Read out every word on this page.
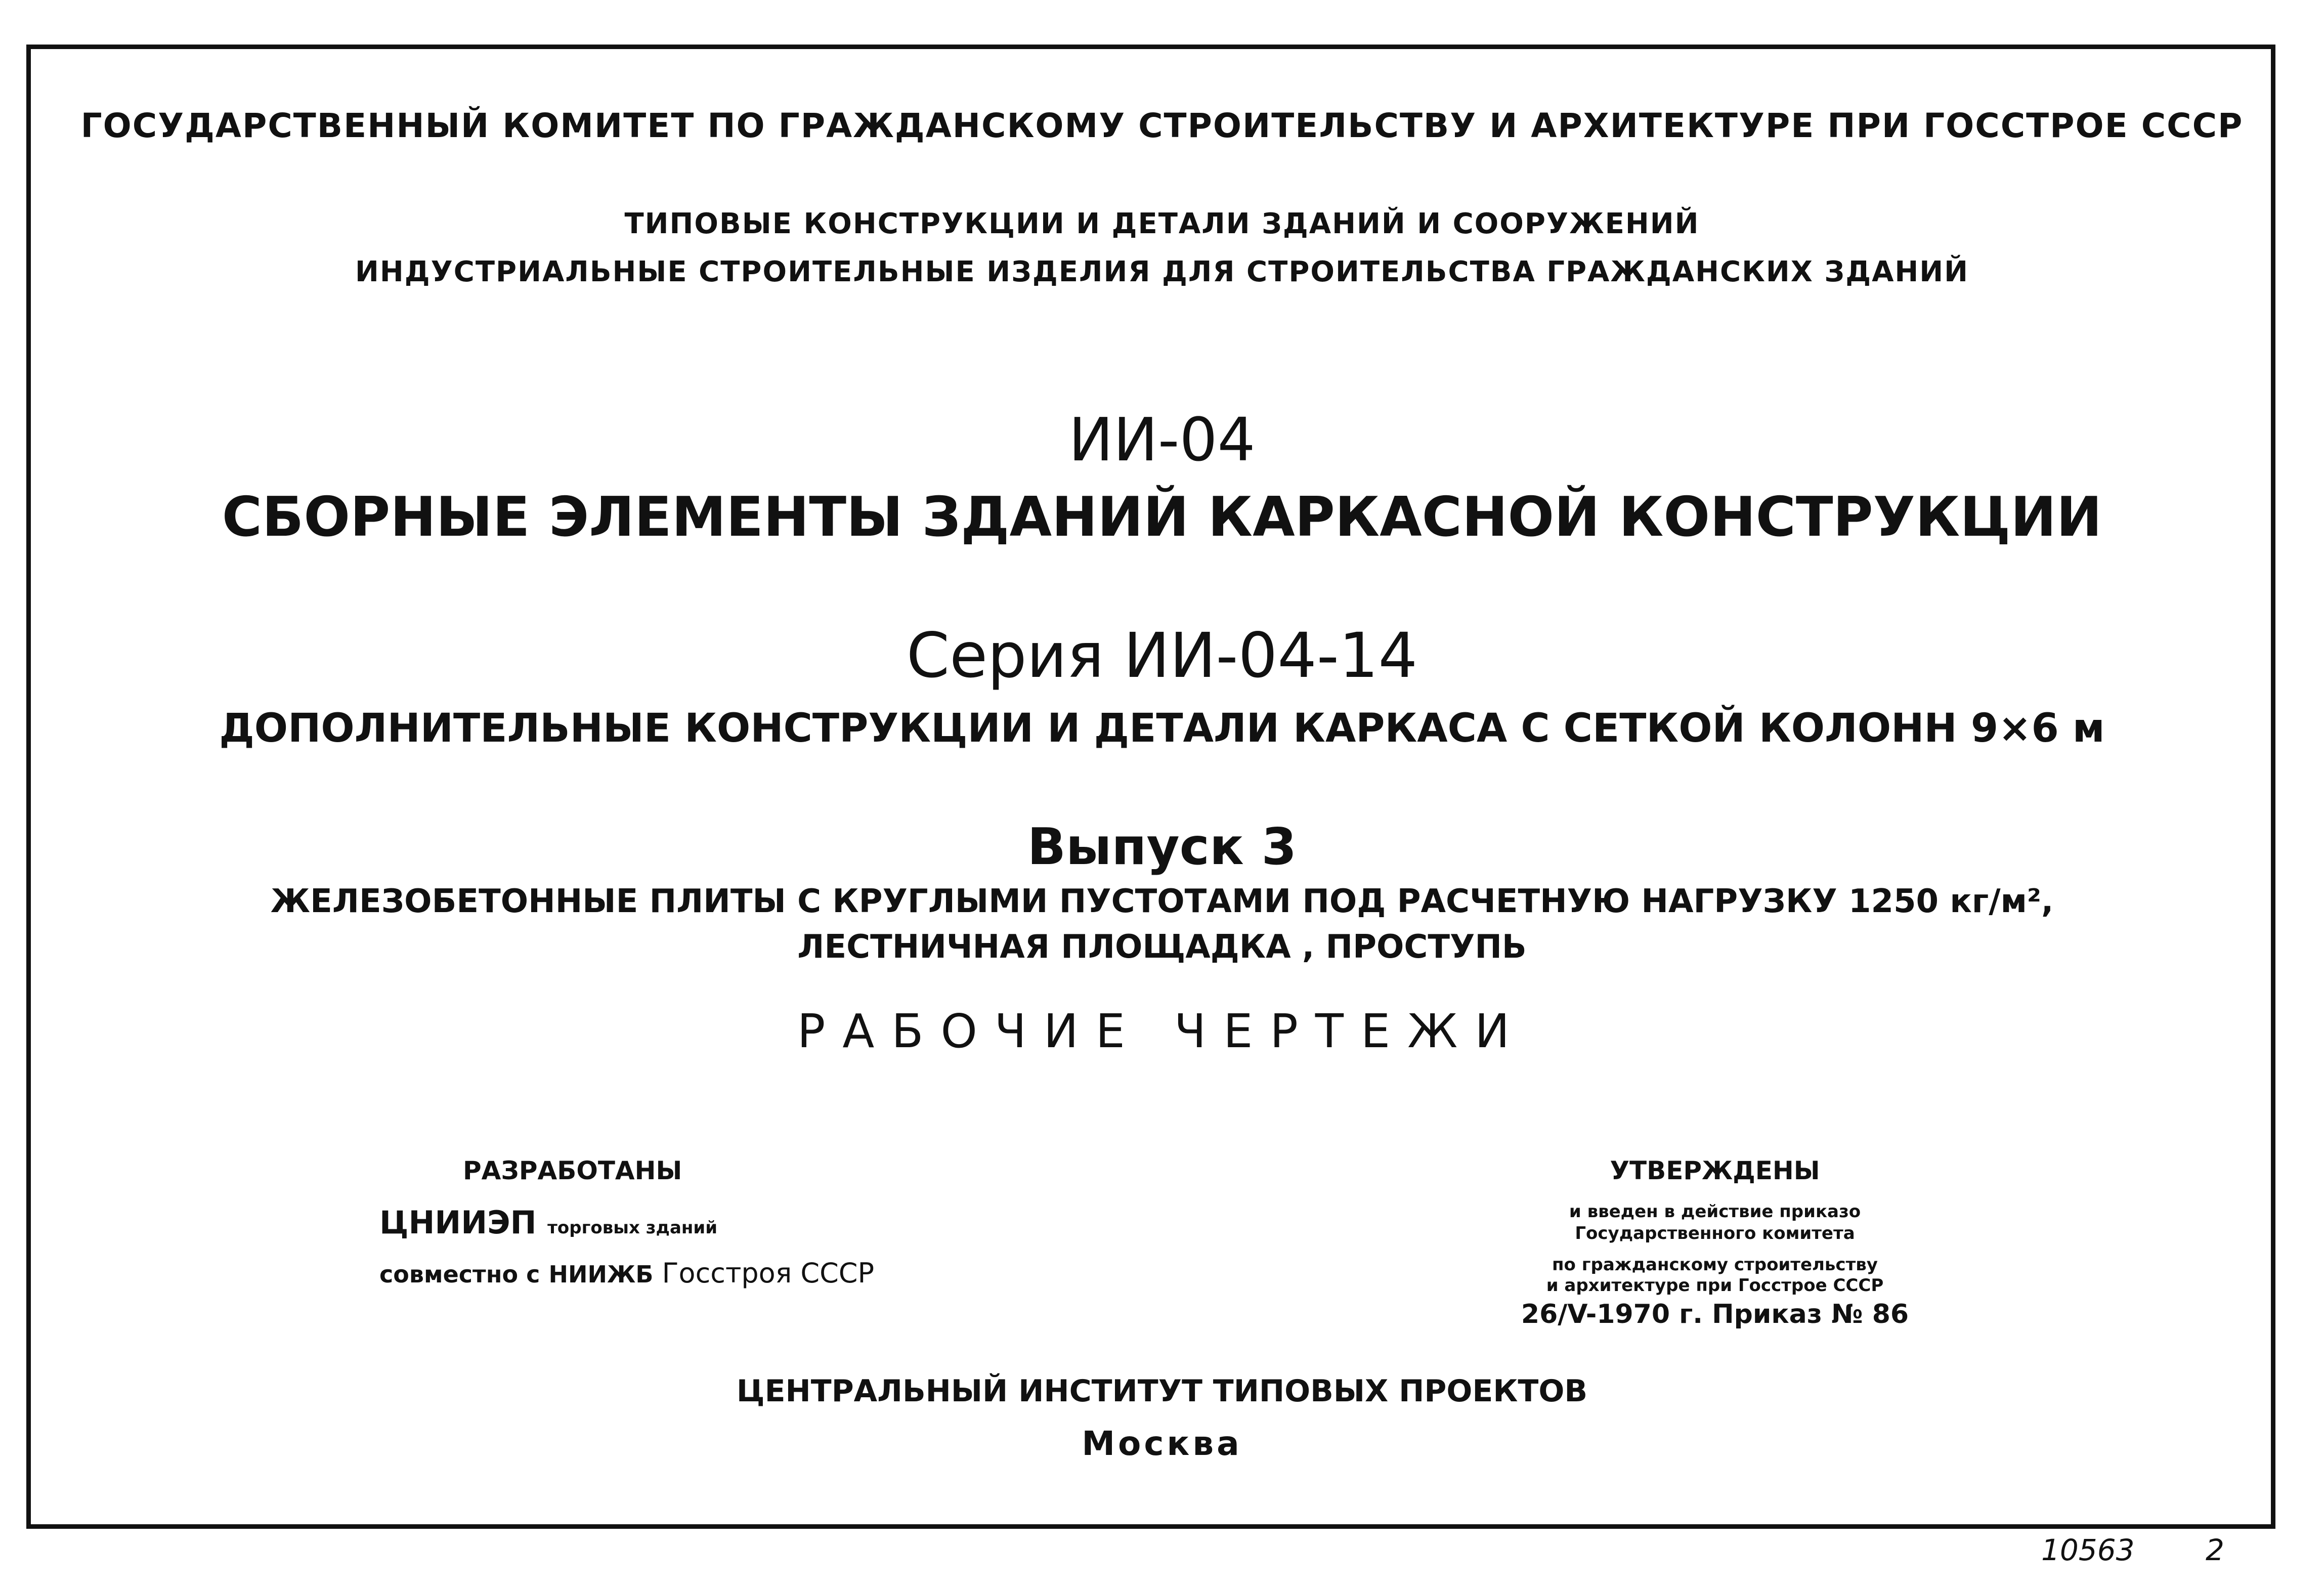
ГОСУДАРСТВЕННЫЙ КОМИТЕТ ПО ГРАЖДАНСКОМУ СТРОИТЕЛЬСТВУ И АРХИТЕКТУРЕ ПРИ ГОССТРОЕ СССР
ТИПОВЫЕ КОНСТРУКЦИИ И ДЕТАЛИ ЗДАНИЙ И СООРУЖЕНИЙ
ИНДУСТРИАЛЬНЫЕ СТРОИТЕЛЬНЫЕ ИЗДЕЛИЯ ДЛЯ СТРОИТЕЛЬСТВА ГРАЖДАНСКИХ ЗДАНИЙ
ИИ-04
СБОРНЫЕ ЭЛЕМЕНТЫ ЗДАНИЙ КАРКАСНОЙ КОНСТРУКЦИИ
Серия ИИ-04-14
ДОПОЛНИТЕЛЬНЫЕ КОНСТРУКЦИИ И ДЕТАЛИ КАРКАСА С СЕТКОЙ КОЛОНН 9×6 м
Выпуск 3
ЖЕЛЕЗОБЕТОННЫЕ ПЛИТЫ С КРУГЛЫМИ ПУСТОТАМИ ПОД РАСЧЕТНУЮ НАГРУЗКУ 1250 кг/м²,
ЛЕСТНИЧНАЯ ПЛОЩАДКА , ПРОСТУПЬ
РАБОЧИЕ ЧЕРТЕЖИ
РАЗРАБОТАНЫ
ЦНИИЭП торговых зданий
совместно с НИИЖБ Госстроя СССР
УТВЕРЖДЕНЫ
и введен в действие приказо
Государственного комитета
по гражданскому строительству
и архитектуре при Госстрое СССР
26/V-1970 г. Приказ № 86
ЦЕНТРАЛЬНЫЙ ИНСТИТУТ ТИПОВЫХ ПРОЕКТОВ
Москва
10563 2
